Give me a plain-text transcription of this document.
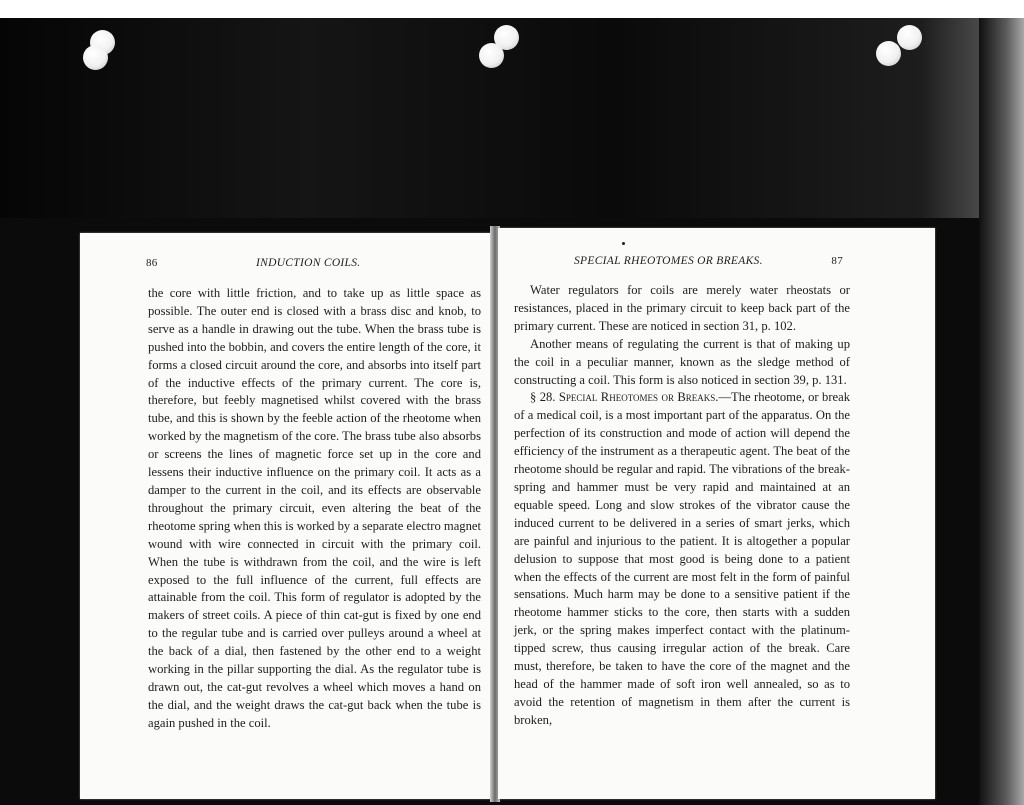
86	INDUCTION COILS.

the core with little friction, and to take up as little space as possible. The outer end is closed with a brass disc and knob, to serve as a handle in drawing out the tube. When the brass tube is pushed into the bobbin, and covers the entire length of the core, it forms a closed circuit around the core, and absorbs into itself part of the inductive effects of the primary current. The core is, therefore, but feebly magnetised whilst covered with the brass tube, and this is shown by the feeble action of the rheotome when worked by the magnetism of the core. The brass tube also absorbs or screens the lines of magnetic force set up in the core and lessens their inductive influence on the primary coil. It acts as a damper to the current in the coil, and its effects are observable throughout the primary circuit, even altering the beat of the rheotome spring when this is worked by a separate electro magnet wound with wire connected in circuit with the primary coil. When the tube is withdrawn from the coil, and the wire is left exposed to the full influence of the current, full effects are attainable from the coil. This form of regulator is adopted by the makers of street coils. A piece of thin cat-gut is fixed by one end to the regular tube and is carried over pulleys around a wheel at the back of a dial, then fastened by the other end to a weight working in the pillar supporting the dial. As the regulator tube is drawn out, the cat-gut revolves a wheel which moves a hand on the dial, and the weight draws the cat-gut back when the tube is again pushed in the coil.

SPECIAL RHEOTOMES OR BREAKS.	87

Water regulators for coils are merely water rheostats or resistances, placed in the primary circuit to keep back part of the primary current. These are noticed in section 31, p. 102.

Another means of regulating the current is that of making up the coil in a peculiar manner, known as the sledge method of constructing a coil. This form is also noticed in section 39, p. 131.

§ 28. Special Rheotomes or Breaks.—The rheotome, or break of a medical coil, is a most important part of the apparatus. On the perfection of its construction and mode of action will depend the efficiency of the instrument as a therapeutic agent. The beat of the rheotome should be regular and rapid. The vibrations of the break-spring and hammer must be very rapid and maintained at an equable speed. Long and slow strokes of the vibrator cause the induced current to be delivered in a series of smart jerks, which are painful and injurious to the patient. It is altogether a popular delusion to suppose that most good is being done to a patient when the effects of the current are most felt in the form of painful sensations. Much harm may be done to a sensitive patient if the rheotome hammer sticks to the core, then starts with a sudden jerk, or the spring makes imperfect contact with the platinum-tipped screw, thus causing irregular action of the break. Care must, therefore, be taken to have the core of the magnet and the head of the hammer made of soft iron well annealed, so as to avoid the retention of magnetism in them after the current is broken,
